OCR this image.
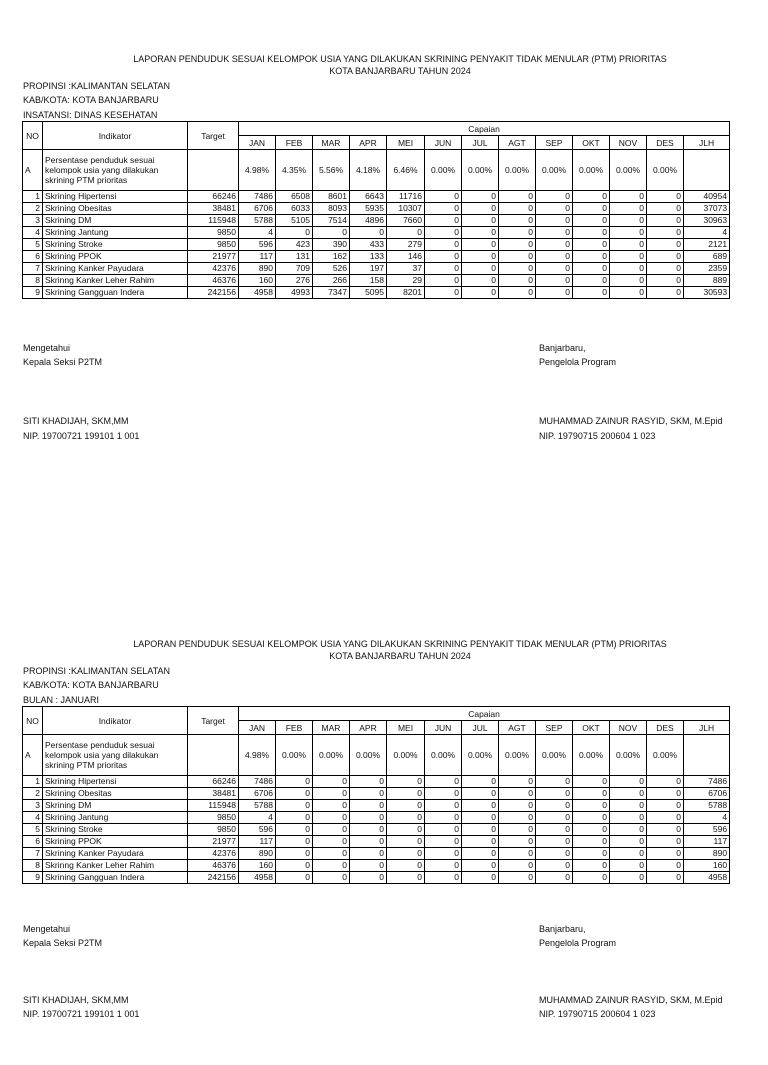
LAPORAN PENDUDUK SESUAI KELOMPOK USIA YANG DILAKUKAN SKRINING PENYAKIT TIDAK MENULAR (PTM) PRIORITAS
KOTA BANJARBARU TAHUN 2024
PROPINSI :KALIMANTAN SELATAN
KAB/KOTA: KOTA BANJARBARU
INSATANSI: DINAS KESEHATAN
NO	Indikator	Target	Capaian												
			JAN	FEB	MAR	APR	MEI	JUN	JUL	AGT	SEP	OKT	NOV	DES	JLH
A	Persentase penduduk sesuai kelompok usia yang dilakukan skrining PTM prioritas		4.98%	4.35%	5.56%	4.18%	6.46%	0.00%	0.00%	0.00%	0.00%	0.00%	0.00%	0.00%	
1	Skrining Hipertensi	66246	7486	6508	8601	6643	11716	0	0	0	0	0	0	0	40954
2	Skrining Obesitas	38481	6706	6033	8093	5935	10307	0	0	0	0	0	0	0	37073
3	Skrining DM	115948	5788	5105	7514	4896	7660	0	0	0	0	0	0	0	30963
4	Skrining Jantung	9850	4	0	0	0	0	0	0	0	0	0	0	0	4
5	Skrining Stroke	9850	596	423	390	433	279	0	0	0	0	0	0	0	2121
6	Skrining PPOK	21977	117	131	162	133	146	0	0	0	0	0	0	0	689
7	Skrining Kanker Payudara	42376	890	709	526	197	37	0	0	0	0	0	0	0	2359
8	Skrinng Kanker Leher Rahim	46376	160	276	266	158	29	0	0	0	0	0	0	0	889
9	Skrining Gangguan Indera	242156	4958	4993	7347	5095	8201	0	0	0	0	0	0	0	30593
Mengetahui
Kepala Seksi P2TM
SITI KHADIJAH, SKM,MM
NIP. 19700721 199101 1 001
Banjarbaru,
Pengelola Program
MUHAMMAD ZAINUR RASYID, SKM, M.Epid
NIP. 19790715 200604 1 023
LAPORAN PENDUDUK SESUAI KELOMPOK USIA YANG DILAKUKAN SKRINING PENYAKIT TIDAK MENULAR (PTM) PRIORITAS
KOTA BANJARBARU TAHUN 2024
PROPINSI :KALIMANTAN SELATAN
KAB/KOTA: KOTA BANJARBARU
BULAN : JANUARI
NO	Indikator	Target	Capaian												
			JAN	FEB	MAR	APR	MEI	JUN	JUL	AGT	SEP	OKT	NOV	DES	JLH
A	Persentase penduduk sesuai kelompok usia yang dilakukan skrining PTM prioritas		4.98%	0.00%	0.00%	0.00%	0.00%	0.00%	0.00%	0.00%	0.00%	0.00%	0.00%	0.00%	
1	Skrining Hipertensi	66246	7486	0	0	0	0	0	0	0	0	0	0	0	7486
2	Skrining Obesitas	38481	6706	0	0	0	0	0	0	0	0	0	0	0	6706
3	Skrining DM	115948	5788	0	0	0	0	0	0	0	0	0	0	0	5788
4	Skrining Jantung	9850	4	0	0	0	0	0	0	0	0	0	0	0	4
5	Skrining Stroke	9850	596	0	0	0	0	0	0	0	0	0	0	0	596
6	Skrining PPOK	21977	117	0	0	0	0	0	0	0	0	0	0	0	117
7	Skrining Kanker Payudara	42376	890	0	0	0	0	0	0	0	0	0	0	0	890
8	Skrinng Kanker Leher Rahim	46376	160	0	0	0	0	0	0	0	0	0	0	0	160
9	Skrining Gangguan Indera	242156	4958	0	0	0	0	0	0	0	0	0	0	0	4958
Mengetahui
Kepala Seksi P2TM
SITI KHADIJAH, SKM,MM
NIP. 19700721 199101 1 001
Banjarbaru,
Pengelola Program
MUHAMMAD ZAINUR RASYID, SKM, M.Epid
NIP. 19790715 200604 1 023
